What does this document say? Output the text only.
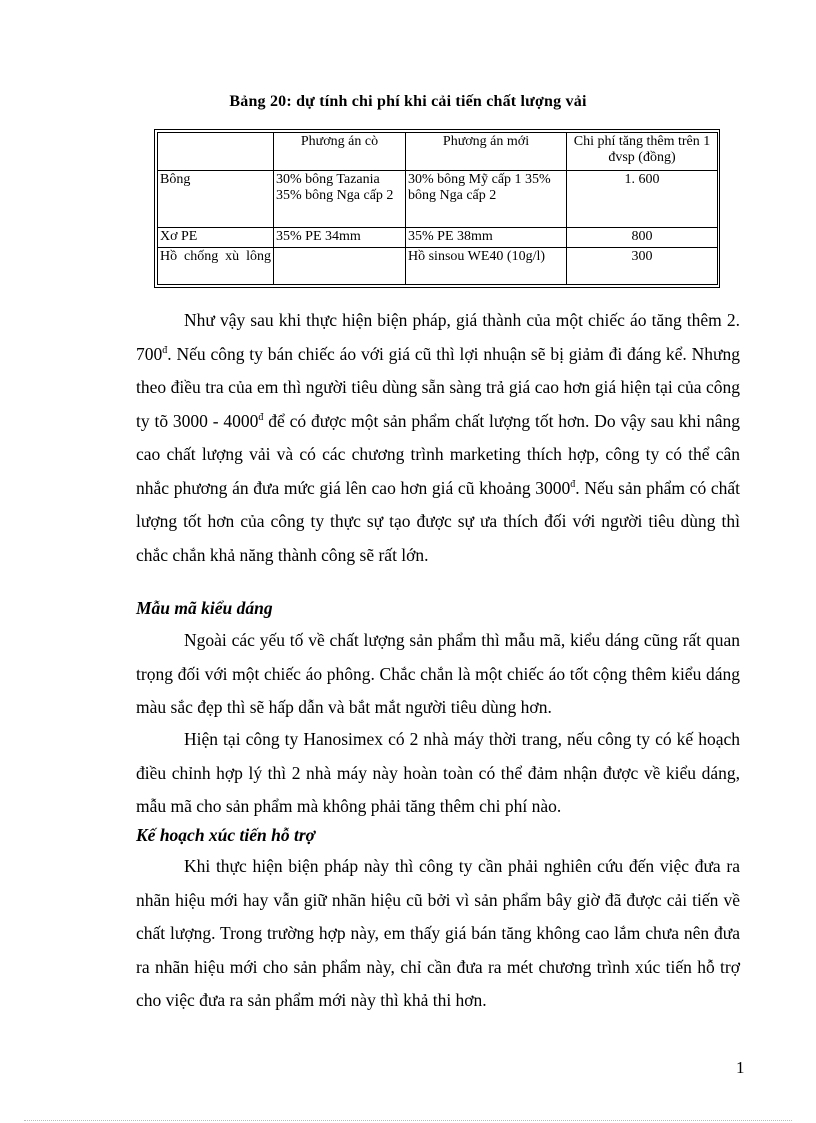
Bảng 20: dự tính chi phí khi cải tiến chất lượng vải
	Phương án cò	Phương án mới	Chi phí tăng thêm trên 1 đvsp (đồng)
Bông	30% bông Tazania 35% bông Nga cấp 2	30% bông Mỹ cấp 1 35% bông Nga cấp 2	1. 600
Xơ PE	35% PE 34mm	35% PE 38mm	800
Hồ chống xù lông		Hồ sinsou WE40 (10g/l)	300

Như vậy sau khi thực hiện biện pháp, giá thành của một chiếc áo tăng thêm 2. $700^đ$. Nếu công ty bán chiếc áo với giá cũ thì lợi nhuận sẽ bị giảm đi đáng kể. Nhưng theo điều tra của em thì người tiêu dùng sẵn sàng trả giá cao hơn giá hiện tại của công ty tõ $3000 - 4000^đ$ để có được một sản phẩm chất lượng tốt hơn. Do vậy sau khi nâng cao chất lượng vải và có các chương trình marketing thích hợp, công ty có thể cân nhắc phương án đưa mức giá lên cao hơn giá cũ khoảng $3000^đ$. Nếu sản phẩm có chất lượng tốt hơn của công ty thực sự tạo được sự ưa thích đối với người tiêu dùng thì chắc chắn khả năng thành công sẽ rất lớn.

Mẫu mã kiểu dáng

Ngoài các yếu tố về chất lượng sản phẩm thì mẫu mã, kiểu dáng cũng rất quan trọng đối với một chiếc áo phông. Chắc chắn là một chiếc áo tốt cộng thêm kiểu dáng màu sắc đẹp thì sẽ hấp dẫn và bắt mắt người tiêu dùng hơn.

Hiện tại công ty Hanosimex có 2 nhà máy thời trang, nếu công ty có kế hoạch điều chỉnh hợp lý thì 2 nhà máy này hoàn toàn có thể đảm nhận được về kiểu dáng, mẫu mã cho sản phẩm mà không phải tăng thêm chi phí nào.

Kế hoạch xúc tiến hỗ trợ

Khi thực hiện biện pháp này thì công ty cần phải nghiên cứu đến việc đưa ra nhãn hiệu mới hay vẫn giữ nhãn hiệu cũ bởi vì sản phẩm bây giờ đã được cải tiến về chất lượng. Trong trường hợp này, em thấy giá bán tăng không cao lắm chưa nên đưa ra nhãn hiệu mới cho sản phẩm này, chỉ cần đưa ra mét chương trình xúc tiến hỗ trợ cho việc đưa ra sản phẩm mới này thì khả thi hơn.

1
